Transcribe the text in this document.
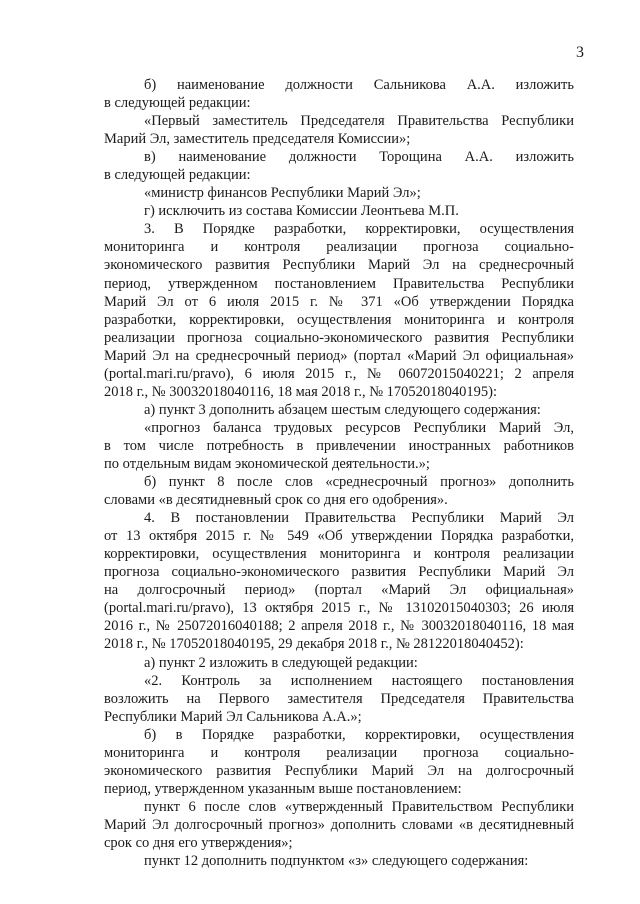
3
б) наименование должности Сальникова А.А. изложить
в следующей редакции:
«Первый заместитель Председателя Правительства Республики
Марий Эл, заместитель председателя Комиссии»;
в) наименование должности Торощина А.А. изложить
в следующей редакции:
«министр финансов Республики Марий Эл»;
г) исключить из состава Комиссии Леонтьева М.П.
3. В Порядке разработки, корректировки, осуществления
мониторинга и контроля реализации прогноза социально-
экономического развития Республики Марий Эл на среднесрочный
период, утвержденном постановлением Правительства Республики
Марий Эл от 6 июля 2015 г. № 371 «Об утверждении Порядка
разработки, корректировки, осуществления мониторинга и контроля
реализации прогноза социально-экономического развития Республики
Марий Эл на среднесрочный период» (портал «Марий Эл официальная»
(portal.mari.ru/pravo), 6 июля 2015 г., № 06072015040221; 2 апреля
2018 г., № 30032018040116, 18 мая 2018 г., № 17052018040195):
а) пункт 3 дополнить абзацем шестым следующего содержания:
«прогноз баланса трудовых ресурсов Республики Марий Эл,
в том числе потребность в привлечении иностранных работников
по отдельным видам экономической деятельности.»;
б) пункт 8 после слов «среднесрочный прогноз» дополнить
словами «в десятидневный срок со дня его одобрения».
4. В постановлении Правительства Республики Марий Эл
от 13 октября 2015 г. № 549 «Об утверждении Порядка разработки,
корректировки, осуществления мониторинга и контроля реализации
прогноза социально-экономического развития Республики Марий Эл
на долгосрочный период» (портал «Марий Эл официальная»
(portal.mari.ru/pravo), 13 октября 2015 г., № 13102015040303; 26 июля
2016 г., № 25072016040188; 2 апреля 2018 г., № 30032018040116, 18 мая
2018 г., № 17052018040195, 29 декабря 2018 г., № 28122018040452):
а) пункт 2 изложить в следующей редакции:
«2. Контроль за исполнением настоящего постановления
возложить на Первого заместителя Председателя Правительства
Республики Марий Эл Сальникова А.А.»;
б) в Порядке разработки, корректировки, осуществления
мониторинга и контроля реализации прогноза социально-
экономического развития Республики Марий Эл на долгосрочный
период, утвержденном указанным выше постановлением:
пункт 6 после слов «утвержденный Правительством Республики
Марий Эл долгосрочный прогноз» дополнить словами «в десятидневный
срок со дня его утверждения»;
пункт 12 дополнить подпунктом «з» следующего содержания:
